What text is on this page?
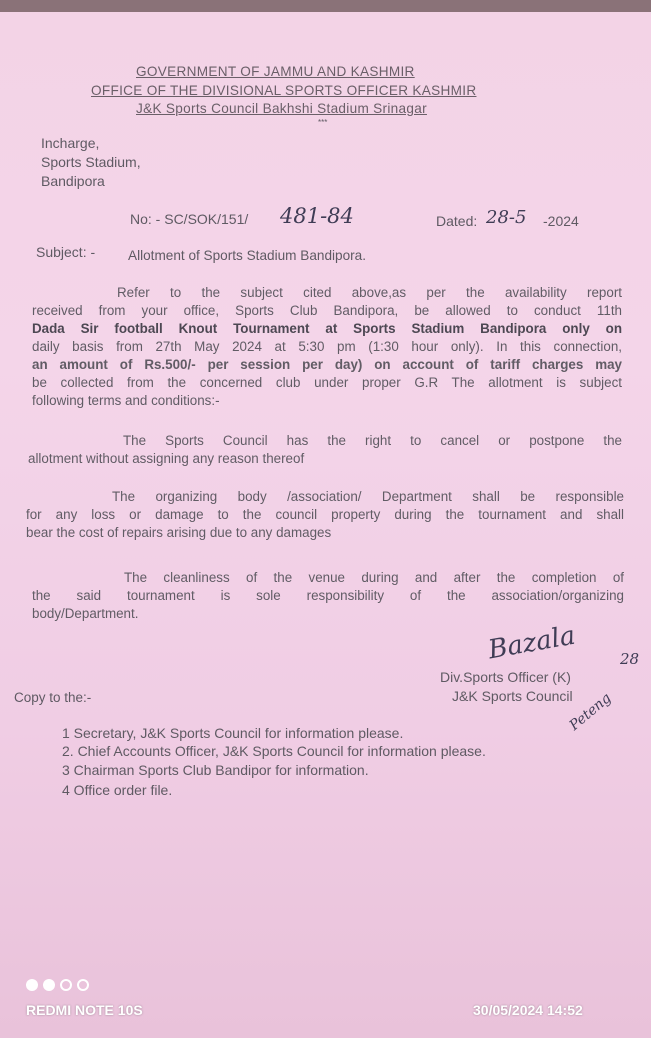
GOVERNMENT OF JAMMU AND KASHMIR
OFFICE OF THE DIVISIONAL SPORTS OFFICER KASHMIR
J&K Sports Council Bakhshi Stadium Srinagar
***
Incharge,
Sports Stadium,
Bandipora
No: - SC/SOK/151/ 481-84	Dated: 28-5 -2024
Subject: - Allotment of Sports Stadium Bandipora.
Refer to the subject cited above,as per the availability report
received from your office, Sports Club Bandipora, be allowed to conduct 11th
Dada Sir football Knout Tournament at Sports Stadium Bandipora only on
daily basis from 27th May 2024 at 5:30 pm (1:30 hour only). In this connection,
an amount of Rs.500/- per session per day) on account of tariff charges may
be collected from the concerned club under proper G.R The allotment is subject
following terms and conditions:-
The Sports Council has the right to cancel or postpone the
allotment without assigning any reason thereof
The organizing body /association/ Department shall be responsible
for any loss or damage to the council property during the tournament and shall
bear the cost of repairs arising due to any damages
The cleanliness of the venue during and after the completion of
the said tournament is sole responsibility of the association/organizing
body/Department.
Bazala	28
Div.Sports Officer (K)
J&K Sports Council
Peteng
Copy to the:-
1 Secretary, J&K Sports Council for information please.
2. Chief Accounts Officer, J&K Sports Council for information please.
3 Chairman Sports Club Bandipor for information.
4 Office order file.
REDMI NOTE 10S	30/05/2024 14:52
